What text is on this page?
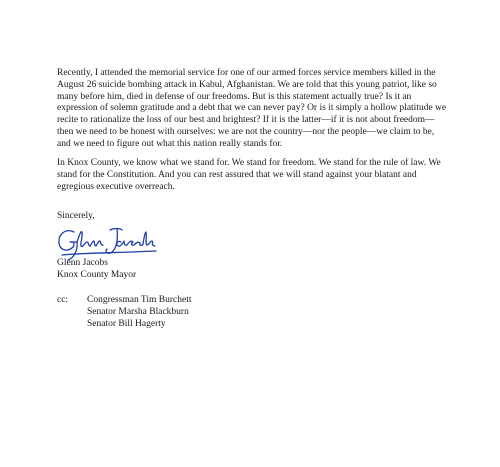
Recently, I attended the memorial service for one of our armed forces service members killed in the August 26 suicide bombing attack in Kabul, Afghanistan. We are told that this young patriot, like so many before him, died in defense of our freedoms. But is this statement actually true? Is it an expression of solemn gratitude and a debt that we can never pay? Or is it simply a hollow platitude we recite to rationalize the loss of our best and brightest? If it is the latter—if it is not about freedom—then we need to be honest with ourselves: we are not the country—nor the people—we claim to be, and we need to figure out what this nation really stands for.

In Knox County, we know what we stand for. We stand for freedom. We stand for the rule of law. We stand for the Constitution. And you can rest assured that we will stand against your blatant and egregious executive overreach.

Sincerely,
Glenn Jacobs
Knox County Mayor
cc: Congressman Tim Burchett
Senator Marsha Blackburn
Senator Bill Hagerty
